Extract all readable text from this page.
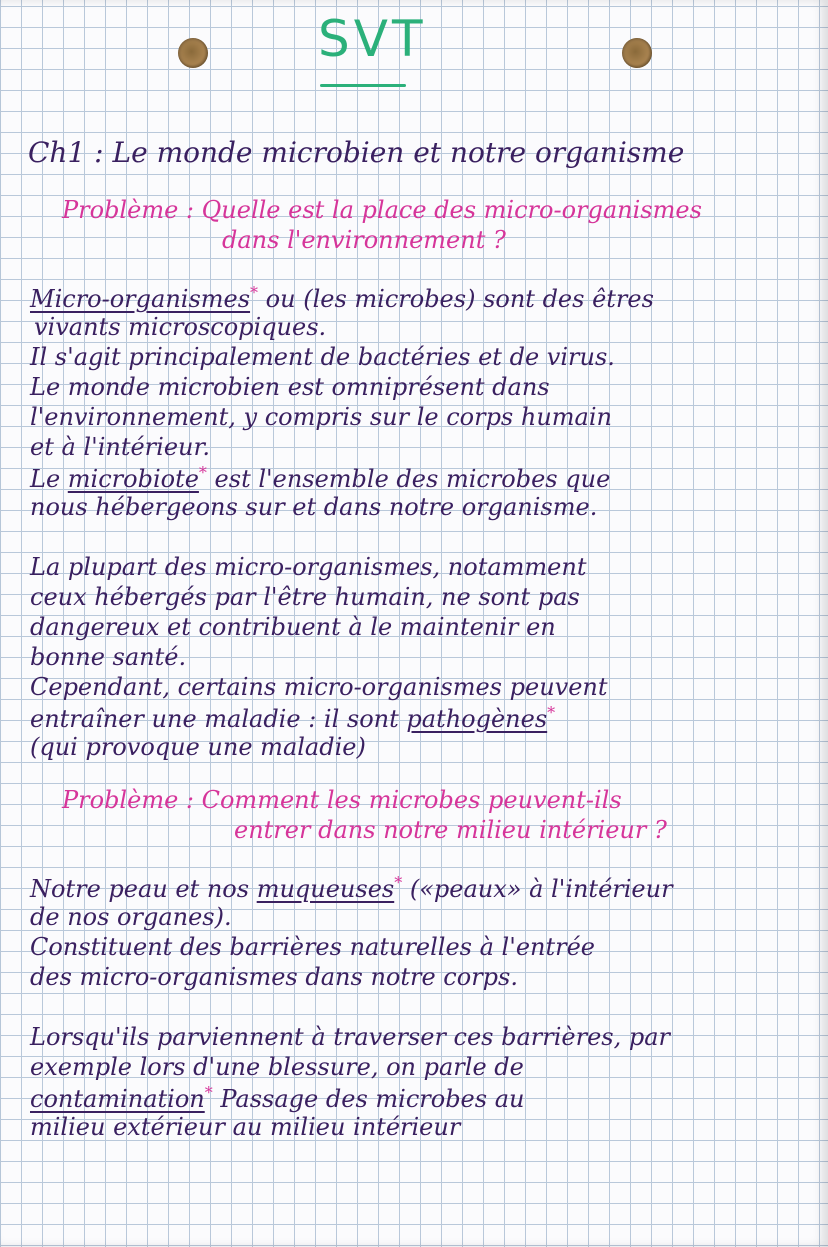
SVT

Ch1 : Le monde microbien et notre organisme

Problème : Quelle est la place des micro-organismes

dans l'environnement ?

Micro-organismes* ou (les microbes) sont des êtres

vivants microscopiques.

Il s'agit principalement de bactéries et de virus.

Le monde microbien est omniprésent dans

l'environnement, y compris sur le corps humain

et à l'intérieur.

Le microbiote* est l'ensemble des microbes que

nous hébergeons sur et dans notre organisme.

La plupart des micro-organismes, notamment

ceux hébergés par l'être humain, ne sont pas

dangereux et contribuent à le maintenir en

bonne santé.

Cependant, certains micro-organismes peuvent

entraîner une maladie : il sont pathogènes*

(qui provoque une maladie)

Problème : Comment les microbes peuvent-ils

entrer dans notre milieu intérieur ?

Notre peau et nos muqueuses* («peaux» à l'intérieur

de nos organes).

Constituent des barrières naturelles à l'entrée

des micro-organismes dans notre corps.

Lorsqu'ils parviennent à traverser ces barrières, par

exemple lors d'une blessure, on parle de

contamination* Passage des microbes au

milieu extérieur au milieu intérieur
